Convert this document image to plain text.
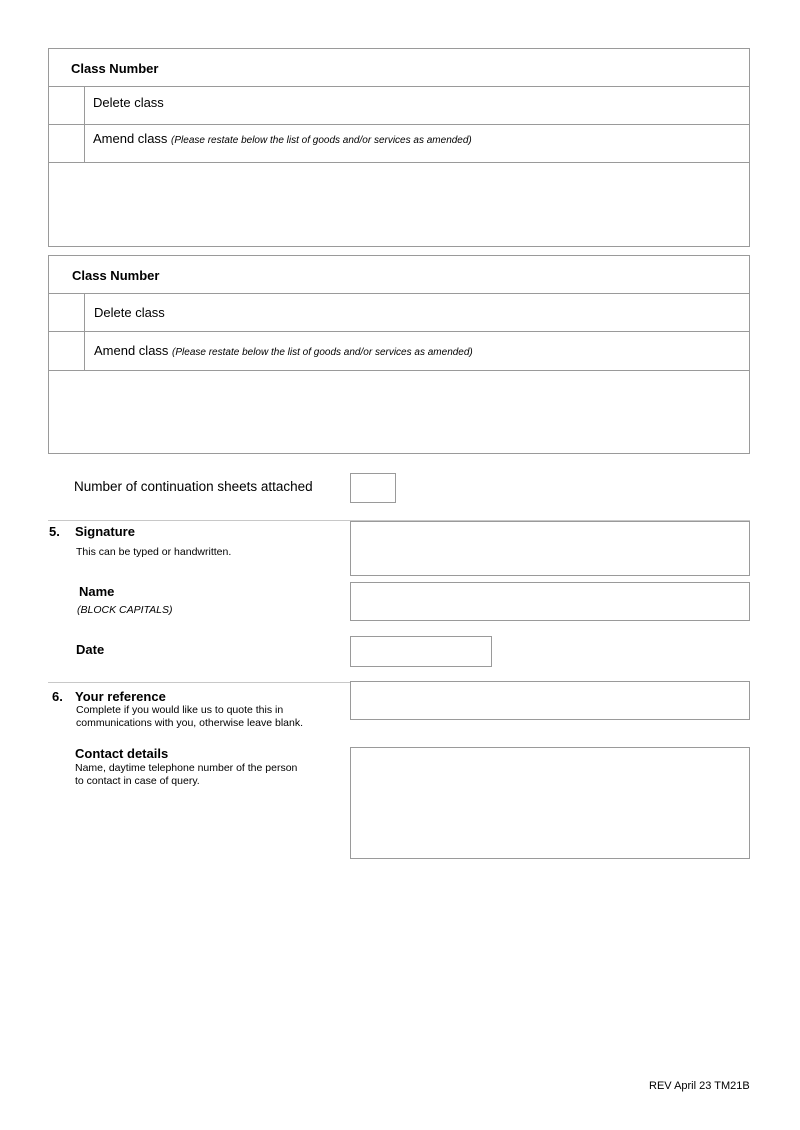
Class Number
Delete class
Amend class (Please restate below the list of goods and/or services as amended)
Class Number
Delete class
Amend class (Please restate below the list of goods and/or services as amended)
Number of continuation sheets attached
5. Signature
This can be typed or handwritten.
Name
(BLOCK CAPITALS)
Date
6. Your reference
Complete if you would like us to quote this in
communications with you, otherwise leave blank.
Contact details
Name, daytime telephone number of the person
to contact in case of query.
REV April 23 TM21B
